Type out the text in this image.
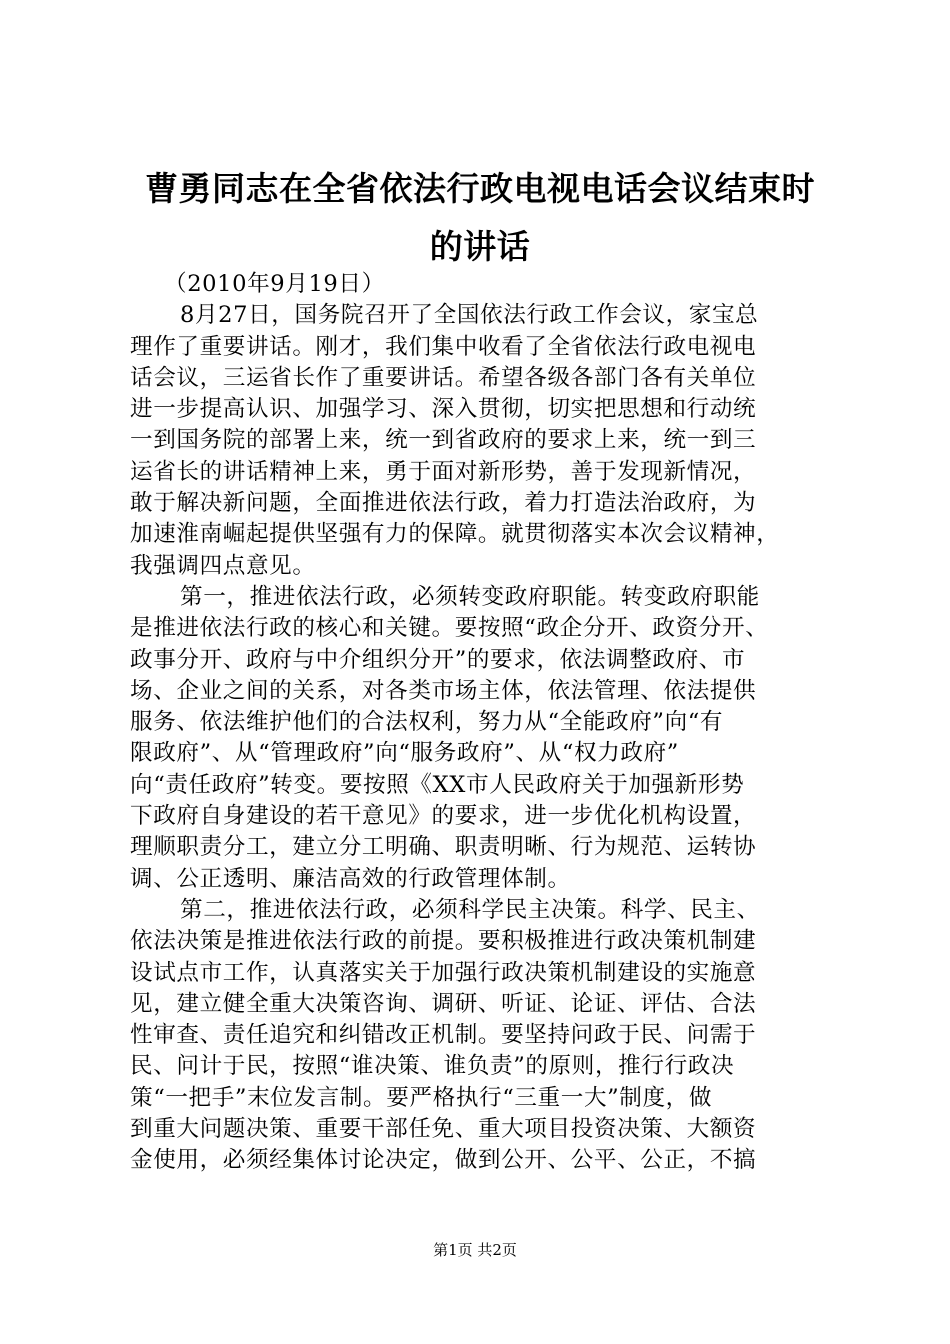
曹勇同志在全省依法行政电视电话会议结束时
的讲话
（2010年9月19日）
8月27日，国务院召开了全国依法行政工作会议，家宝总
理作了重要讲话。刚才，我们集中收看了全省依法行政电视电
话会议，三运省长作了重要讲话。希望各级各部门各有关单位
进一步提高认识、加强学习、深入贯彻，切实把思想和行动统
一到国务院的部署上来，统一到省政府的要求上来，统一到三
运省长的讲话精神上来，勇于面对新形势，善于发现新情况，
敢于解决新问题，全面推进依法行政，着力打造法治政府，为
加速淮南崛起提供坚强有力的保障。就贯彻落实本次会议精神，
我强调四点意见。
第一，推进依法行政，必须转变政府职能。转变政府职能
是推进依法行政的核心和关键。要按照“政企分开、政资分开、
政事分开、政府与中介组织分开”的要求，依法调整政府、市
场、企业之间的关系，对各类市场主体，依法管理、依法提供
服务、依法维护他们的合法权利，努力从“全能政府”向“有
限政府”、从“管理政府”向“服务政府”、从“权力政府”
向“责任政府”转变。要按照《XX市人民政府关于加强新形势
下政府自身建设的若干意见》的要求，进一步优化机构设置，
理顺职责分工，建立分工明确、职责明晰、行为规范、运转协
调、公正透明、廉洁高效的行政管理体制。
第二，推进依法行政，必须科学民主决策。科学、民主、
依法决策是推进依法行政的前提。要积极推进行政决策机制建
设试点市工作，认真落实关于加强行政决策机制建设的实施意
见，建立健全重大决策咨询、调研、听证、论证、评估、合法
性审查、责任追究和纠错改正机制。要坚持问政于民、问需于
民、问计于民，按照“谁决策、谁负责”的原则，推行行政决
策“一把手”末位发言制。要严格执行“三重一大”制度，做
到重大问题决策、重要干部任免、重大项目投资决策、大额资
金使用，必须经集体讨论决定，做到公开、公平、公正，不搞
第1页 共2页
